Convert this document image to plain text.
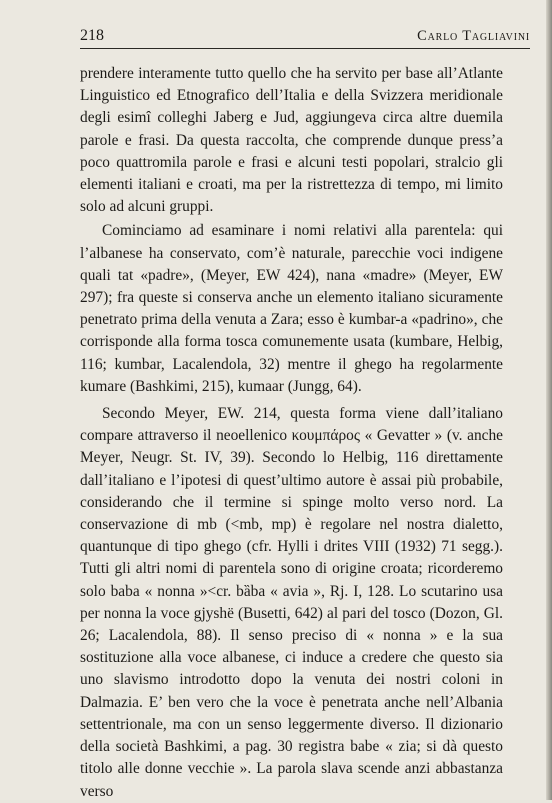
218	Carlo Tagliavini

prendere interamente tutto quello che ha servito per base all’Atlante Linguistico ed Etnografico dell’Italia e della Svizzera meridionale degli esimî colleghi Jaberg e Jud, aggiungeva circa altre duemila parole e frasi. Da questa raccolta, che comprende dunque press’a poco quattromila parole e frasi e alcuni testi popolari, stralcio gli elementi italiani e croati, ma per la ristrettezza di tempo, mi limito solo ad alcuni gruppi.

Cominciamo ad esaminare i nomi relativi alla parentela: qui l’albanese ha conservato, com’è naturale, parecchie voci indigene quali tat «padre», (Meyer, EW 424), nana «madre» (Meyer, EW 297); fra queste si conserva anche un elemento italiano sicuramente penetrato prima della venuta a Zara; esso è kumbar-a «padrino», che corrisponde alla forma tosca comunemente usata (kumbare, Helbig, 116; kumbar, Lacalendola, 32) mentre il ghego ha regolarmente kumare (Bashkimi, 215), kumaar (Jungg, 64).

Secondo Meyer, EW. 214, questa forma viene dall’italiano compare attraverso il neoellenico κουμπάρος « Gevatter » (v. anche Meyer, Neugr. St. IV, 39). Secondo lo Helbig, 116 direttamente dall’italiano e l’ipotesi di quest’ultimo autore è assai più probabile, considerando che il termine si spinge molto verso nord. La conservazione di mb (<mb, mp) è regolare nel nostra dialetto, quantunque di tipo ghego (cfr. Hylli i drites VIII (1932) 71 segg.). Tutti gli altri nomi di parentela sono di origine croata; ricorderemo solo baba « nonna »<cr. bȁba « avia », Rj. I, 128. Lo scutarino usa per nonna la voce gjyshë (Busetti, 642) al pari del tosco (Dozon, Gl. 26; Lacalendola, 88). Il senso preciso di « nonna » e la sua sostituzione alla voce albanese, ci induce a credere che questo sia uno slavismo introdotto dopo la venuta dei nostri coloni in Dalmazia. E’ ben vero che la voce è penetrata anche nell’Albania settentrionale, ma con un senso leggermente diverso. Il dizionario della società Bashkimi, a pag. 30 registra babe « zia; si dà questo titolo alle donne vecchie ». La parola slava scende anzi abbastanza verso
